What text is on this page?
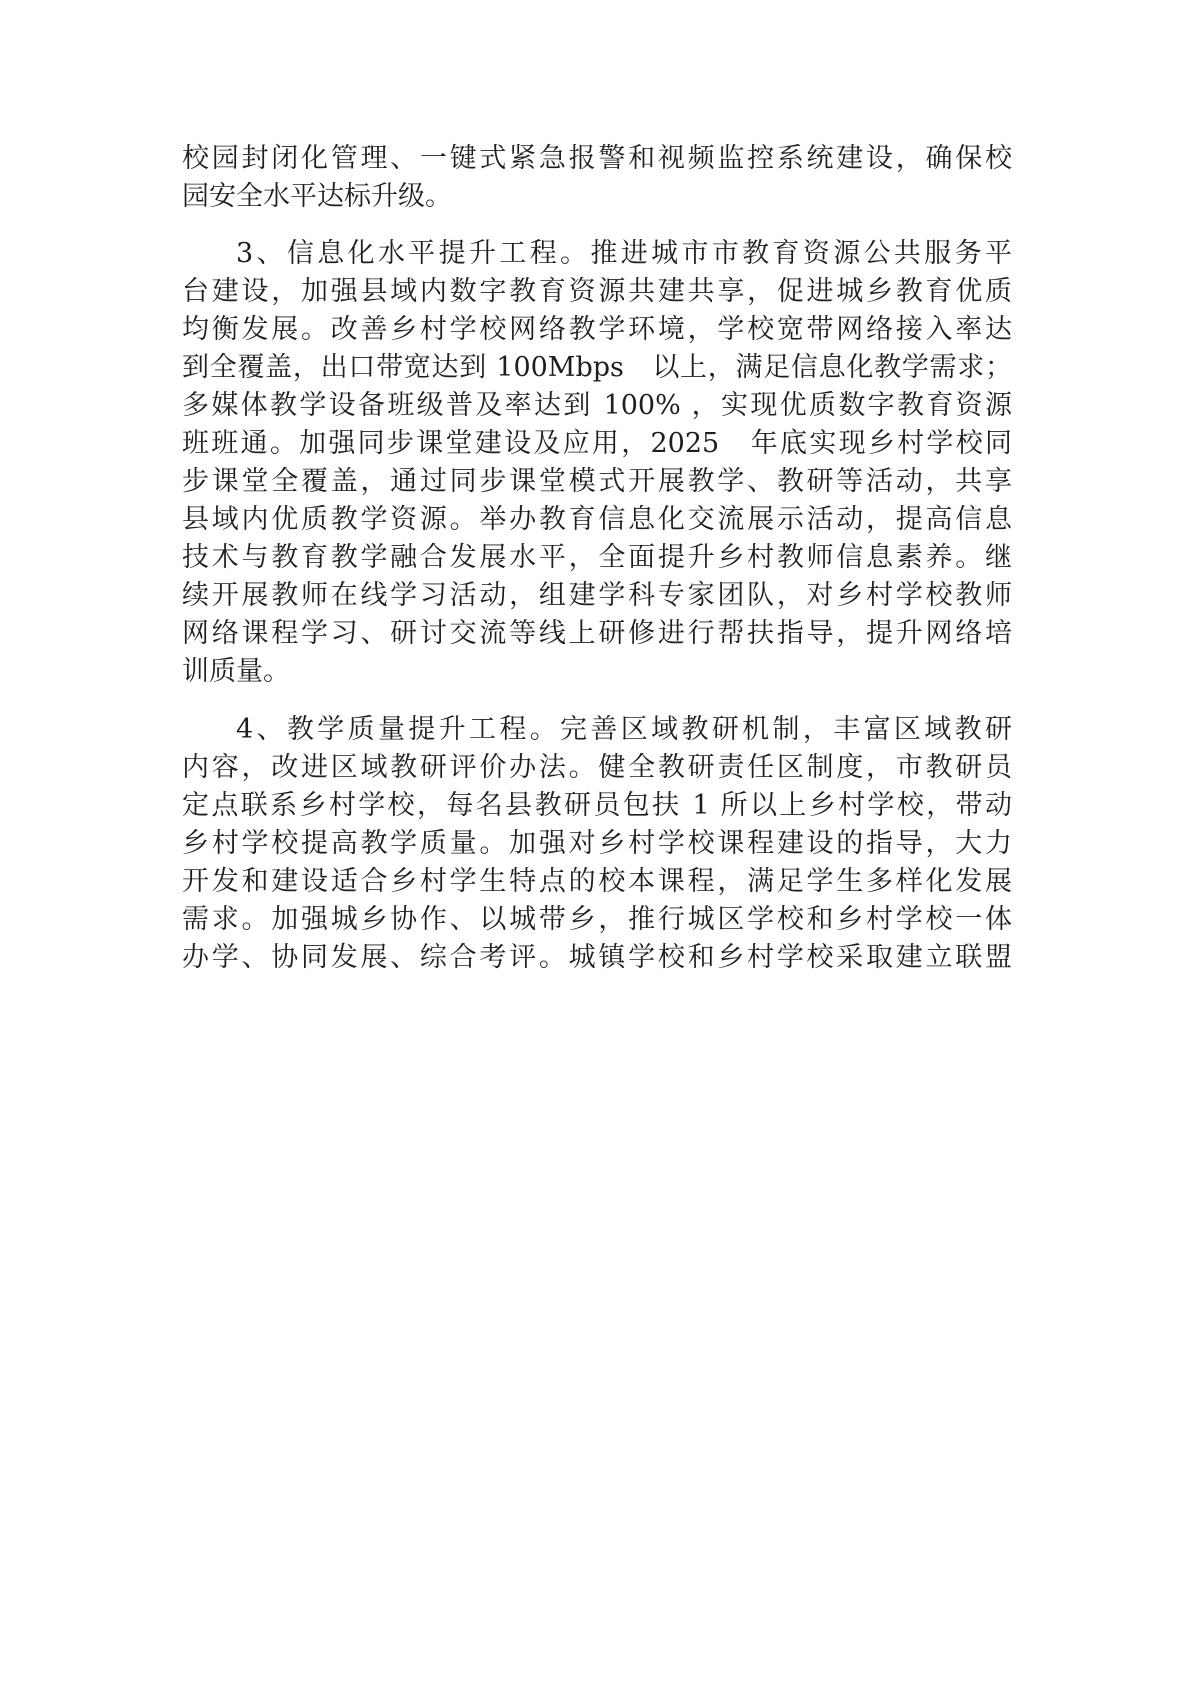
校园封闭化管理、一键式紧急报警和视频监控系统建设，确保校
园安全水平达标升级。
3、信息化水平提升工程。推进城市市教育资源公共服务平
台建设，加强县域内数字教育资源共建共享，促进城乡教育优质
均衡发展。改善乡村学校网络教学环境，学校宽带网络接入率达
到全覆盖，出口带宽达到 100Mbps　以上，满足信息化教学需求；
多媒体教学设备班级普及率达到 100% ，实现优质数字教育资源
班班通。加强同步课堂建设及应用，2025　年底实现乡村学校同
步课堂全覆盖，通过同步课堂模式开展教学、教研等活动，共享
县域内优质教学资源。举办教育信息化交流展示活动，提高信息
技术与教育教学融合发展水平，全面提升乡村教师信息素养。继
续开展教师在线学习活动，组建学科专家团队，对乡村学校教师
网络课程学习、研讨交流等线上研修进行帮扶指导，提升网络培
训质量。
4、教学质量提升工程。完善区域教研机制，丰富区域教研
内容，改进区域教研评价办法。健全教研责任区制度，市教研员
定点联系乡村学校，每名县教研员包扶 1 所以上乡村学校，带动
乡村学校提高教学质量。加强对乡村学校课程建设的指导，大力
开发和建设适合乡村学生特点的校本课程，满足学生多样化发展
需求。加强城乡协作、以城带乡，推行城区学校和乡村学校一体
办学、协同发展、综合考评。城镇学校和乡村学校采取建立联盟
